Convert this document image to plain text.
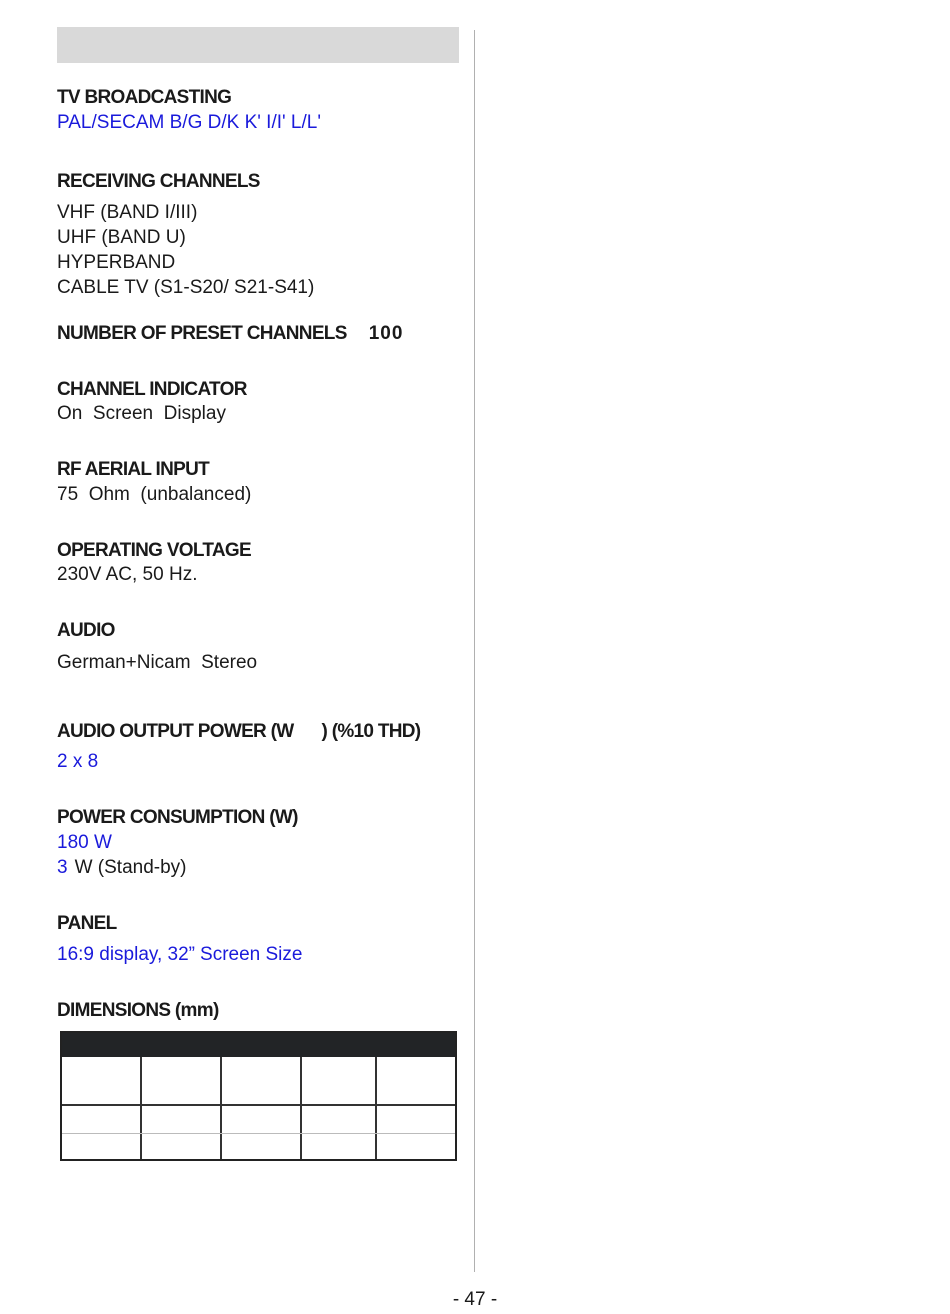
TV BROADCASTING

PAL/SECAM B/G D/K K' I/I' L/L'

RECEIVING CHANNELS

VHF (BAND I/III)
UHF (BAND U)
HYPERBAND
CABLE TV (S1-S20/ S21-S41)

NUMBER OF PRESET CHANNELS 100

CHANNEL INDICATOR

On  Screen  Display

RF AERIAL INPUT

75  Ohm  (unbalanced)

OPERATING VOLTAGE

230V AC, 50 Hz.

AUDIO

German+Nicam  Stereo

AUDIO OUTPUT POWER (W ) (%10 THD)

2 x 8

POWER CONSUMPTION (W)

180 W

3 W (Stand-by)

PANEL

16:9 display, 32” Screen Size

DIMENSIONS (mm)

- 47 -
